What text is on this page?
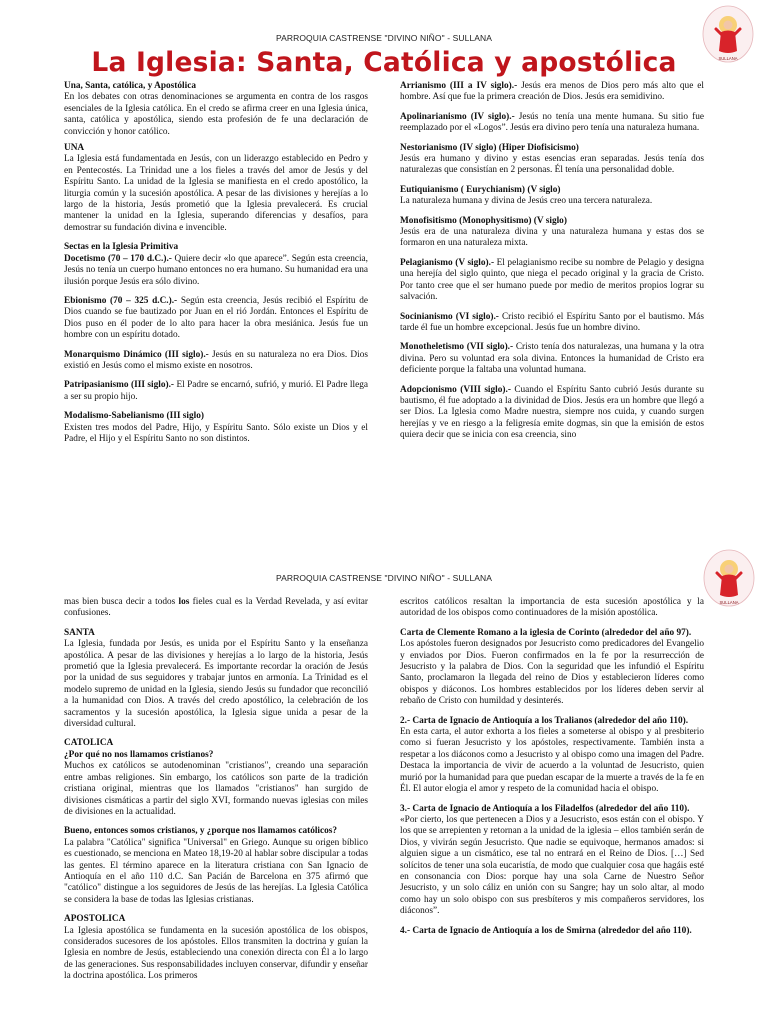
PARROQUIA CASTRENSE "DIVINO NIÑO" - SULLANA
SULLANA
La Iglesia: Santa, Católica y apostólica
Una, Santa, católica, y Apostólica

En los debates con otras denominaciones se argumenta en contra de los rasgos esenciales de la Iglesia católica. En el credo se afirma creer en una Iglesia única, santa, católica y apostólica, siendo esta profesión de fe una declaración de convicción y honor católico.

UNA

La Iglesia está fundamentada en Jesús, con un liderazgo establecido en Pedro y en Pentecostés. La Trinidad une a los fieles a través del amor de Jesús y del Espíritu Santo. La unidad de la Iglesia se manifiesta en el credo apostólico, la liturgia común y la sucesión apostólica. A pesar de las divisiones y herejías a lo largo de la historia, Jesús prometió que la Iglesia prevalecerá. Es crucial mantener la unidad en la Iglesia, superando diferencias y desafíos, para demostrar su fundación divina e invencible.

Sectas en la Iglesia Primitiva

Docetismo (70 – 170 d.C.).- Quiere decir «lo que aparece”. Según esta creencia, Jesús no tenía un cuerpo humano entonces no era humano. Su humanidad era una ilusión porque Jesús era sólo divino.

Ebionismo (70 – 325 d.C.).- Según esta creencia, Jesús recibió el Espíritu de Dios cuando se fue bautizado por Juan en el rió Jordán. Entonces el Espíritu de Dios puso en él poder de lo alto para hacer la obra mesiánica. Jesús fue un hombre con un espíritu dotado.

Monarquismo Dinámico (III siglo).- Jesús en su naturaleza no era Dios. Dios existió en Jesús como el mismo existe en nosotros.

Patripasianismo (III siglo).- El Padre se encarnó, sufrió, y murió. El Padre llega a ser su propio hijo.

Modalismo-Sabelianismo (III siglo)

Existen tres modos del Padre, Hijo, y Espíritu Santo. Sólo existe un Dios y el Padre, el Hijo y el Espíritu Santo no son distintos.

Arrianismo (III a IV siglo).- Jesús era menos de Dios pero más alto que el hombre. Así que fue la primera creación de Dios. Jesús era semidivino.

Apolinarianismo (IV siglo).- Jesús no tenía una mente humana. Su sitio fue reemplazado por el «Logos”. Jesús era divino pero tenía una naturaleza humana.

Nestorianismo (IV siglo) (Hiper Diofisicismo)

Jesús era humano y divino y estas esencias eran separadas. Jesús tenía dos naturalezas que consistían en 2 personas. Él tenía una personalidad doble.

Eutiquianismo ( Eurychianism) (V siglo)

La naturaleza humana y divina de Jesús creo una tercera naturaleza.

Monofisitismo (Monophysitismo) (V siglo)

Jesús era de una naturaleza divina y una naturaleza humana y estas dos se formaron en una naturaleza mixta.

Pelagianismo (V siglo).- El pelagianismo recibe su nombre de Pelagio y designa una herejía del siglo quinto, que niega el pecado original y la gracia de Cristo. Por tanto cree que el ser humano puede por medio de meritos propios lograr su salvación.

Socinianismo (VI siglo).- Cristo recibió el Espíritu Santo por el bautismo. Más tarde él fue un hombre excepcional. Jesús fue un hombre divino.

Monotheletismo (VII siglo).- Cristo tenía dos naturalezas, una humana y la otra divina. Pero su voluntad era sola divina. Entonces la humanidad de Cristo era deficiente porque la faltaba una voluntad humana.

Adopcionismo (VIII siglo).- Cuando el Espíritu Santo cubrió Jesús durante su bautismo, él fue adoptado a la divinidad de Dios. Jesús era un hombre que llegó a ser Dios. La Iglesia como Madre nuestra, siempre nos cuida, y cuando surgen herejías y ve en riesgo a la feligresía emite dogmas, sin que la emisión de estos quiera decir que se inicia con esa creencia, sino

PARROQUIA CASTRENSE "DIVINO NIÑO" - SULLANA
SULLANA

mas bien busca decir a todos los fieles cual es la Verdad Revelada, y así evitar confusiones.

SANTA

La Iglesia, fundada por Jesús, es unida por el Espíritu Santo y la enseñanza apostólica. A pesar de las divisiones y herejías a lo largo de la historia, Jesús prometió que la Iglesia prevalecerá. Es importante recordar la oración de Jesús por la unidad de sus seguidores y trabajar juntos en armonía. La Trinidad es el modelo supremo de unidad en la Iglesia, siendo Jesús su fundador que reconcilió a la humanidad con Dios. A través del credo apostólico, la celebración de los sacramentos y la sucesión apostólica, la Iglesia sigue unida a pesar de la diversidad cultural.

CATOLICA
¿Por qué no nos llamamos cristianos?

Muchos ex católicos se autodenominan "cristianos", creando una separación entre ambas religiones. Sin embargo, los católicos son parte de la tradición cristiana original, mientras que los llamados "cristianos" han surgido de divisiones cismáticas a partir del siglo XVI, formando nuevas iglesias con miles de divisiones en la actualidad.

Bueno, entonces somos cristianos, y ¿porque nos llamamos católicos?

La palabra "Católica" significa "Universal" en Griego. Aunque su origen bíblico es cuestionado, se menciona en Mateo 18,19-20 al hablar sobre discipular a todas las gentes. El término aparece en la literatura cristiana con San Ignacio de Antioquía en el año 110 d.C. San Pacián de Barcelona en 375 afirmó que "católico" distingue a los seguidores de Jesús de las herejías. La Iglesia Católica se considera la base de todas las Iglesias cristianas.

APOSTOLICA

La Iglesia apostólica se fundamenta en la sucesión apostólica de los obispos, considerados sucesores de los apóstoles. Ellos transmiten la doctrina y guían la Iglesia en nombre de Jesús, estableciendo una conexión directa con Él a lo largo de las generaciones. Sus responsabilidades incluyen conservar, difundir y enseñar la doctrina apostólica. Los primeros

escritos católicos resaltan la importancia de esta sucesión apostólica y la autoridad de los obispos como continuadores de la misión apostólica.

Carta de Clemente Romano a la iglesia de Corinto (alrededor del año 97).

Los apóstoles fueron designados por Jesucristo como predicadores del Evangelio y enviados por Dios. Fueron confirmados en la fe por la resurrección de Jesucristo y la palabra de Dios. Con la seguridad que les infundió el Espíritu Santo, proclamaron la llegada del reino de Dios y establecieron líderes como obispos y diáconos. Los hombres establecidos por los líderes deben servir al rebaño de Cristo con humildad y desinterés.

2.- Carta de Ignacio de Antioquía a los Tralianos (alrededor del año 110).

En esta carta, el autor exhorta a los fieles a someterse al obispo y al presbiterio como si fueran Jesucristo y los apóstoles, respectivamente. También insta a respetar a los diáconos como a Jesucristo y al obispo como una imagen del Padre. Destaca la importancia de vivir de acuerdo a la voluntad de Jesucristo, quien murió por la humanidad para que puedan escapar de la muerte a través de la fe en Él. El autor elogia el amor y respeto de la comunidad hacia el obispo.

3.- Carta de Ignacio de Antioquía a los Filadelfos (alrededor del año 110).

«Por cierto, los que pertenecen a Dios y a Jesucristo, esos están con el obispo. Y los que se arrepienten y retornan a la unidad de la iglesia – ellos también serán de Dios, y vivirán según Jesucristo. Que nadie se equivoque, hermanos amados: si alguien sigue a un cismático, ese tal no entrará en el Reino de Dios. […] Sed solícitos de tener una sola eucaristía, de modo que cualquier cosa que hagáis esté en consonancia con Dios: porque hay una sola Carne de Nuestro Señor Jesucristo, y un solo cáliz en unión con su Sangre; hay un solo altar, al modo como hay un solo obispo con sus presbíteros y mis compañeros servidores, los diáconos”.

4.- Carta de Ignacio de Antioquía a los de Smirna (alrededor del año 110).
